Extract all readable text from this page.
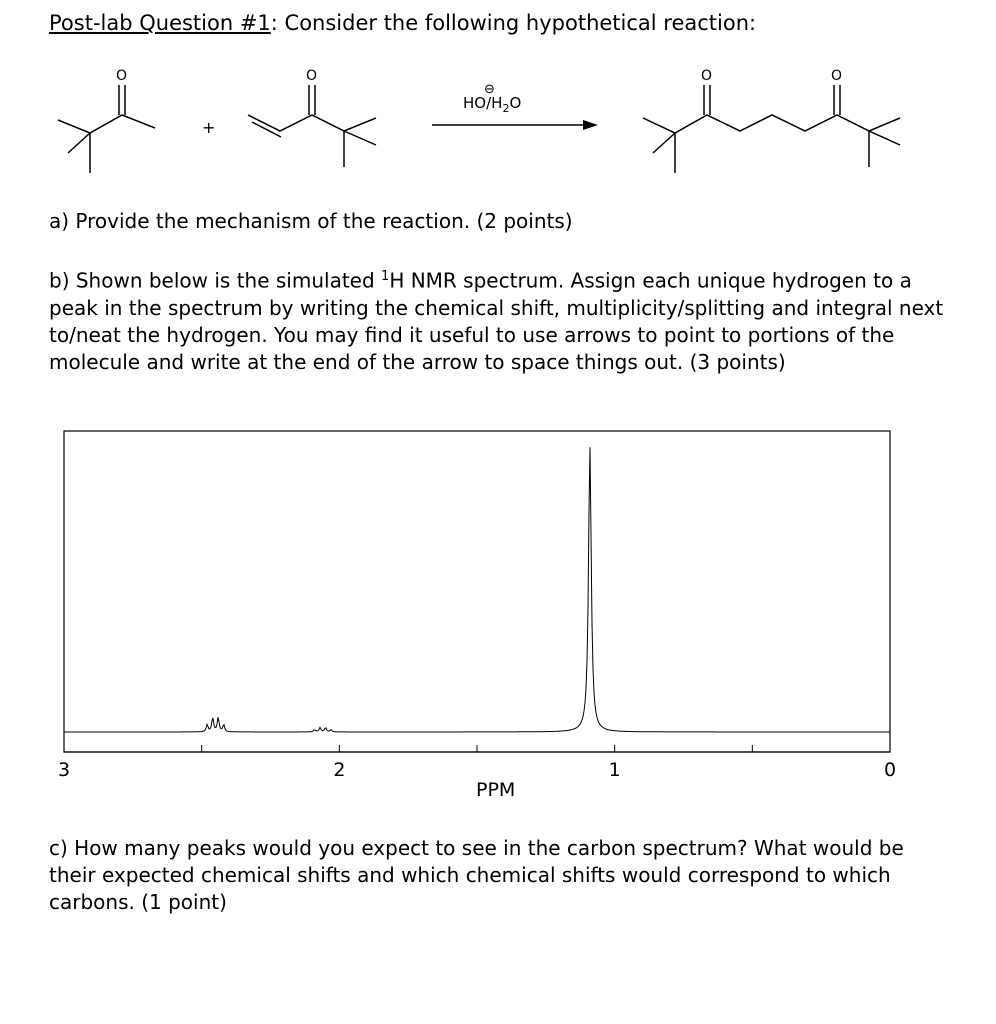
Post-lab Question #1: Consider the following hypothetical reaction:
O
+
O
$HO/H_2O$
⊖
O	O
a) Provide the mechanism of the reaction. (2 points)
b) Shown below is the simulated $^1$H NMR spectrum. Assign each unique hydrogen to a peak in the spectrum by writing the chemical shift, multiplicity/splitting and integral next to/neat the hydrogen. You may find it useful to use arrows to point to portions of the molecule and write at the end of the arrow to space things out. (3 points)
3	2	1	0
PPM
c) How many peaks would you expect to see in the carbon spectrum? What would be their expected chemical shifts and which chemical shifts would correspond to which carbons. (1 point)
